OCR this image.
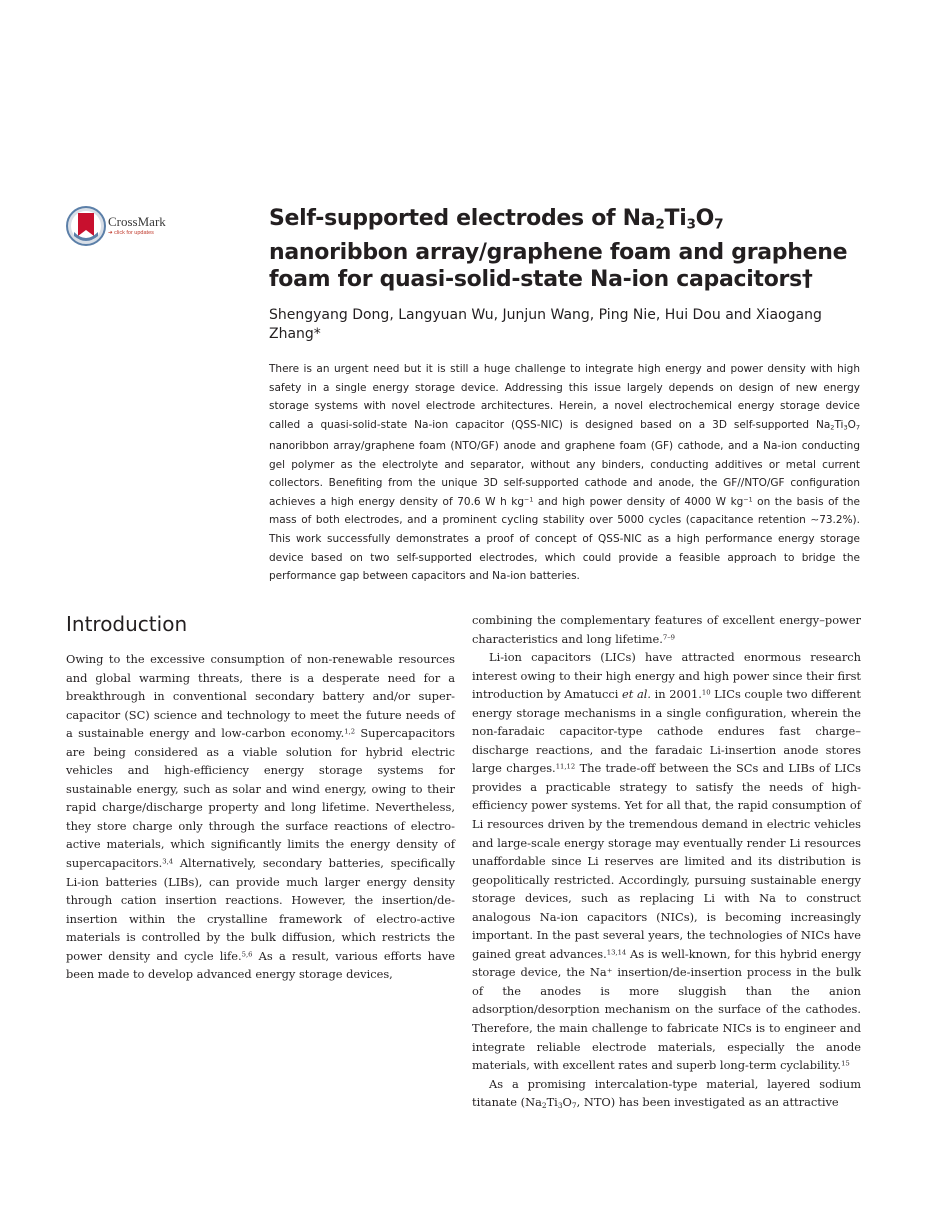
CrossMark
➜ click for updates
Self-supported electrodes of $Na_2Ti_3O_7$ nanoribbon array/graphene foam and graphene foam for quasi-solid-state Na-ion capacitors†

Shengyang Dong, Langyuan Wu, Junjun Wang, Ping Nie, Hui Dou and Xiaogang Zhang*

There is an urgent need but it is still a huge challenge to integrate high energy and power density with high safety in a single energy storage device. Addressing this issue largely depends on design of new energy storage systems with novel electrode architectures. Herein, a novel electrochemical energy storage device called a quasi-solid-state Na-ion capacitor (QSS-NIC) is designed based on a 3D self-supported $Na_2Ti_3O_7$ nanoribbon array/graphene foam (NTO/GF) anode and graphene foam (GF) cathode, and a Na-ion conducting gel polymer as the electrolyte and separator, without any binders, conducting additives or metal current collectors. Benefiting from the unique 3D self-supported cathode and anode, the GF//NTO/GF configuration achieves a high energy density of 70.6 W h $kg^{-1}$ and high power density of 4000 W $kg^{-1}$ on the basis of the mass of both electrodes, and a prominent cycling stability over 5000 cycles (capacitance retention ∼73.2%). This work successfully demonstrates a proof of concept of QSS-NIC as a high performance energy storage device based on two self-supported electrodes, which could provide a feasible approach to bridge the performance gap between capacitors and Na-ion batteries.

Introduction

Owing to the excessive consumption of non-renewable resources and global warming threats, there is a desperate need for a breakthrough in conventional secondary battery and/or super-capacitor (SC) science and technology to meet the future needs of a sustainable energy and low-carbon economy.$^{1,2}$ Supercapacitors are being considered as a viable solution for hybrid electric vehicles and high-efficiency energy storage systems for sustainable energy, such as solar and wind energy, owing to their rapid charge/discharge property and long lifetime. Nevertheless, they store charge only through the surface reactions of electro-active materials, which significantly limits the energy density of supercapacitors.$^{3,4}$ Alternatively, secondary batteries, specifically Li-ion batteries (LIBs), can provide much larger energy density through cation insertion reactions. However, the insertion/de-insertion within the crystalline framework of electro-active materials is controlled by the bulk diffusion, which restricts the power density and cycle life.$^{5,6}$ As a result, various efforts have been made to develop advanced energy storage devices,

combining the complementary features of excellent energy–power characteristics and long lifetime.$^{7-9}$

Li-ion capacitors (LICs) have attracted enormous research interest owing to their high energy and high power since their first introduction by Amatucci et al. in 2001.10 LICs couple two different energy storage mechanisms in a single configuration, wherein the non-faradaic capacitor-type cathode endures fast charge–discharge reactions, and the faradaic Li-insertion anode stores large charges.$^{11,12}$ The trade-off between the SCs and LIBs of LICs provides a practicable strategy to satisfy the needs of high-efficiency power systems. Yet for all that, the rapid consumption of Li resources driven by the tremendous demand in electric vehicles and large-scale energy storage may eventually render Li resources unaffordable since Li reserves are limited and its distribution is geopolitically restricted. Accordingly, pursuing sustainable energy storage devices, such as replacing Li with Na to construct analogous Na-ion capacitors (NICs), is becoming increasingly important. In the past several years, the technologies of NICs have gained great advances.$^{13,14}$ As is well-known, for this hybrid energy storage device, the Na+ insertion/de-insertion process in the bulk of the anodes is more sluggish than the anion adsorption/desorption mechanism on the surface of the cathodes. Therefore, the main challenge to fabricate NICs is to engineer and integrate reliable electrode materials, especially the anode materials, with excellent rates and superb long-term cyclability.$^{15}$

As a promising intercalation-type material, layered sodium titanate ($Na_2Ti_3O_7$, NTO) has been investigated as an attractive
